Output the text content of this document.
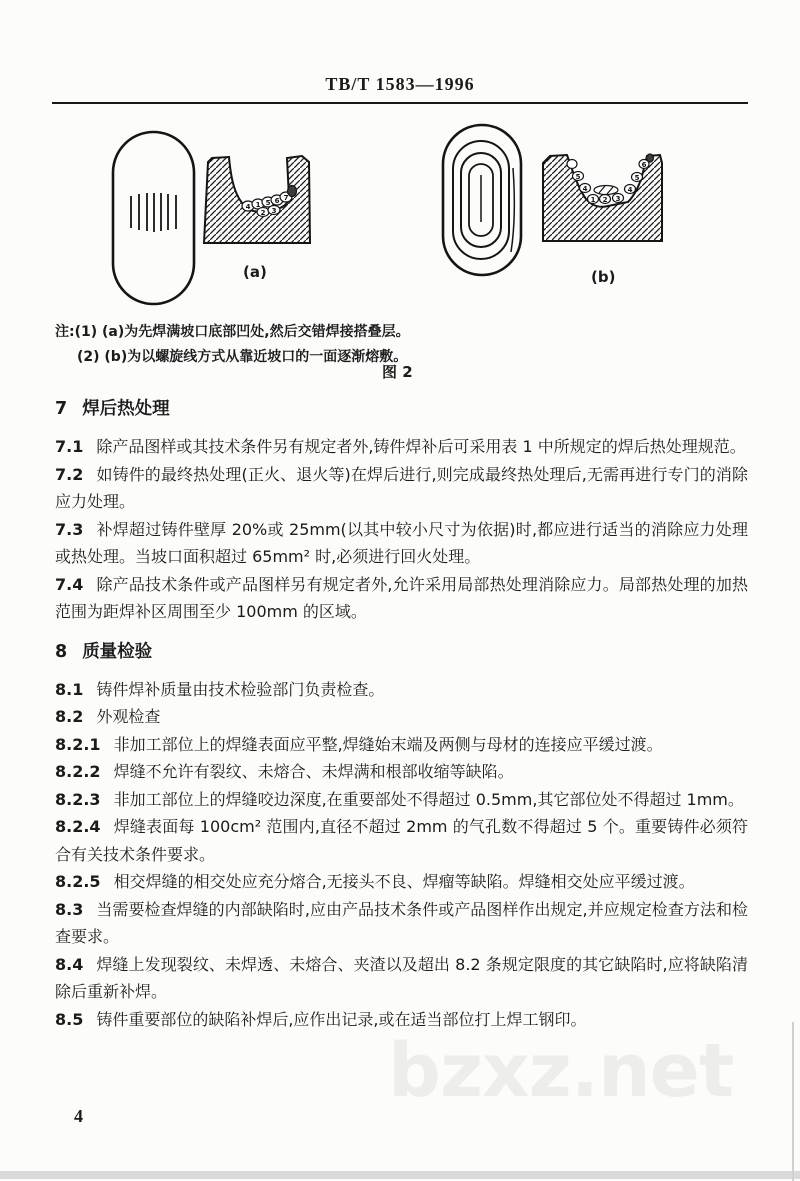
bzxz.net
TB/T 1583—1996
4 1 5 6 7
2 3
5
4
1 2 3
4
5
6
(a)	(b)
注:(1) (a)为先焊满坡口底部凹处,然后交错焊接搭叠层。
(2) (b)为以螺旋线方式从靠近坡口的一面逐渐熔敷。
图 2
7 焊后热处理

7.1 除产品图样或其技术条件另有规定者外,铸件焊补后可采用表 1 中所规定的焊后热处理规范。

7.2 如铸件的最终热处理(正火、退火等)在焊后进行,则完成最终热处理后,无需再进行专门的消除应力处理。

7.3 补焊超过铸件壁厚 20%或 25mm(以其中较小尺寸为依据)时,都应进行适当的消除应力处理或热处理。当坡口面积超过 65mm² 时,必须进行回火处理。

7.4 除产品技术条件或产品图样另有规定者外,允许采用局部热处理消除应力。局部热处理的加热范围为距焊补区周围至少 100mm 的区域。

8 质量检验

8.1 铸件焊补质量由技术检验部门负责检查。

8.2 外观检查

8.2.1 非加工部位上的焊缝表面应平整,焊缝始末端及两侧与母材的连接应平缓过渡。

8.2.2 焊缝不允许有裂纹、未熔合、未焊满和根部收缩等缺陷。

8.2.3 非加工部位上的焊缝咬边深度,在重要部处不得超过 0.5mm,其它部位处不得超过 1mm。

8.2.4 焊缝表面每 100cm² 范围内,直径不超过 2mm 的气孔数不得超过 5 个。重要铸件必须符合有关技术条件要求。

8.2.5 相交焊缝的相交处应充分熔合,无接头不良、焊瘤等缺陷。焊缝相交处应平缓过渡。

8.3 当需要检查焊缝的内部缺陷时,应由产品技术条件或产品图样作出规定,并应规定检查方法和检查要求。

8.4 焊缝上发现裂纹、未焊透、未熔合、夹渣以及超出 8.2 条规定限度的其它缺陷时,应将缺陷清除后重新补焊。

8.5 铸件重要部位的缺陷补焊后,应作出记录,或在适当部位打上焊工钢印。

4
